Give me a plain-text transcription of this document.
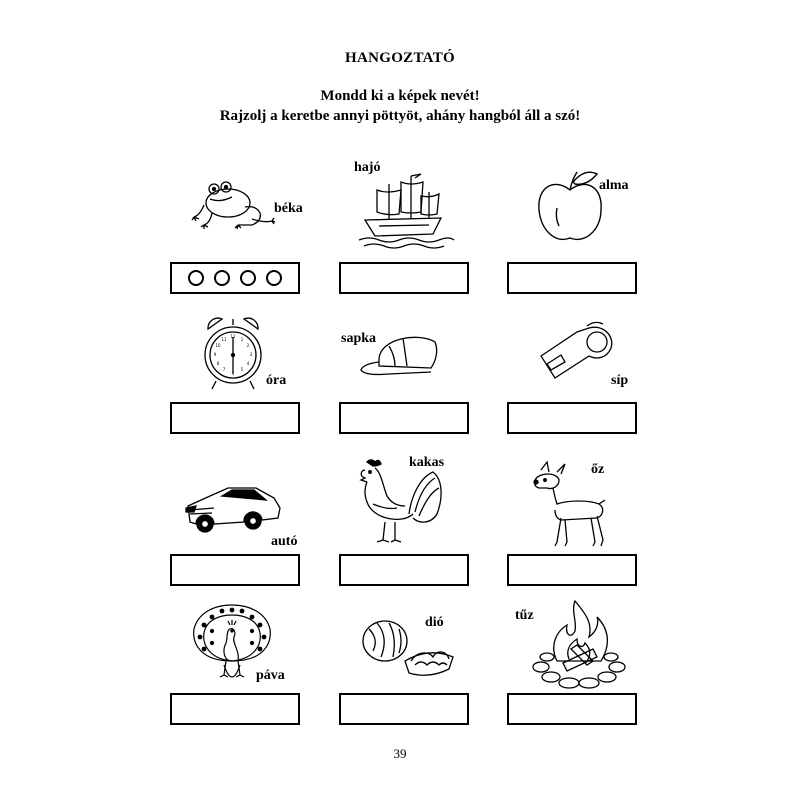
HANGOZTATÓ
Mondd ki a képek nevét!
Rajzolj a keretbe annyi pöttyöt, ahány hangból áll a szó!
béka
hajó
alma
12
1
2
3
4
5
6
7
8
9
10
11
óra
sapka
síp
autó
kakas	őz
páva
dió	tűz
39
